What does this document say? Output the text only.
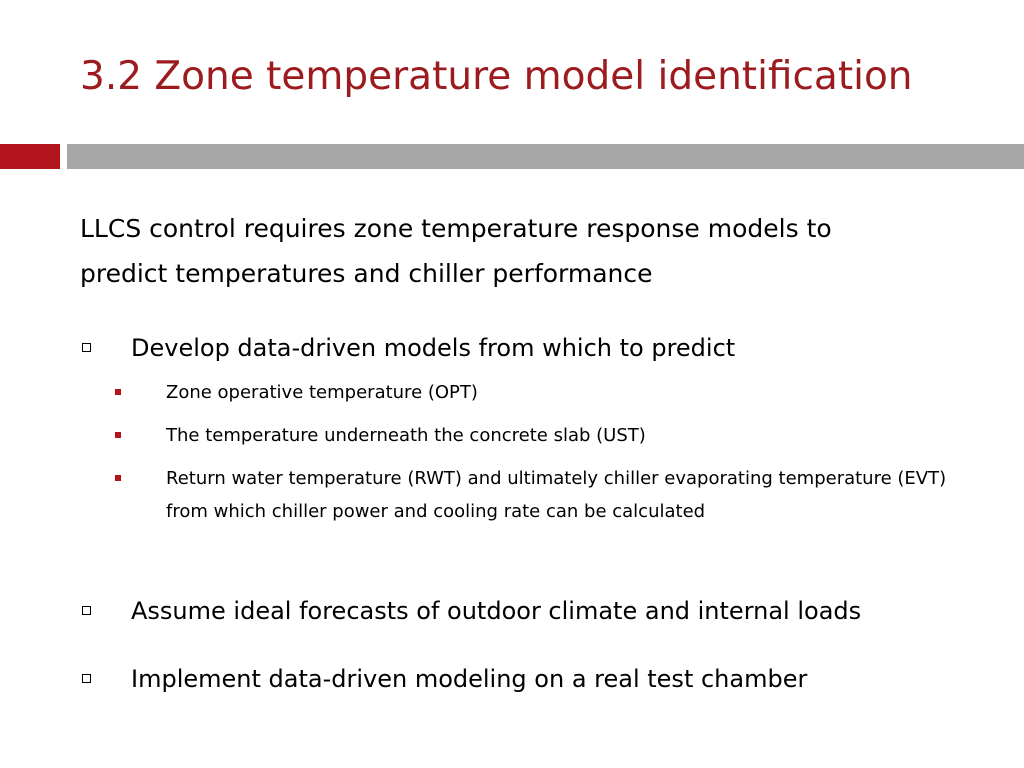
3.2 Zone temperature model identification
LLCS control requires zone temperature response models to
predict temperatures and chiller performance
Develop data-driven models from which to predict
Zone operative temperature (OPT)
The temperature underneath the concrete slab (UST)
Return water temperature (RWT) and ultimately chiller evaporating temperature (EVT) from which chiller power and cooling rate can be calculated
Assume ideal forecasts of outdoor climate and internal loads
Implement data-driven modeling on a real test chamber
